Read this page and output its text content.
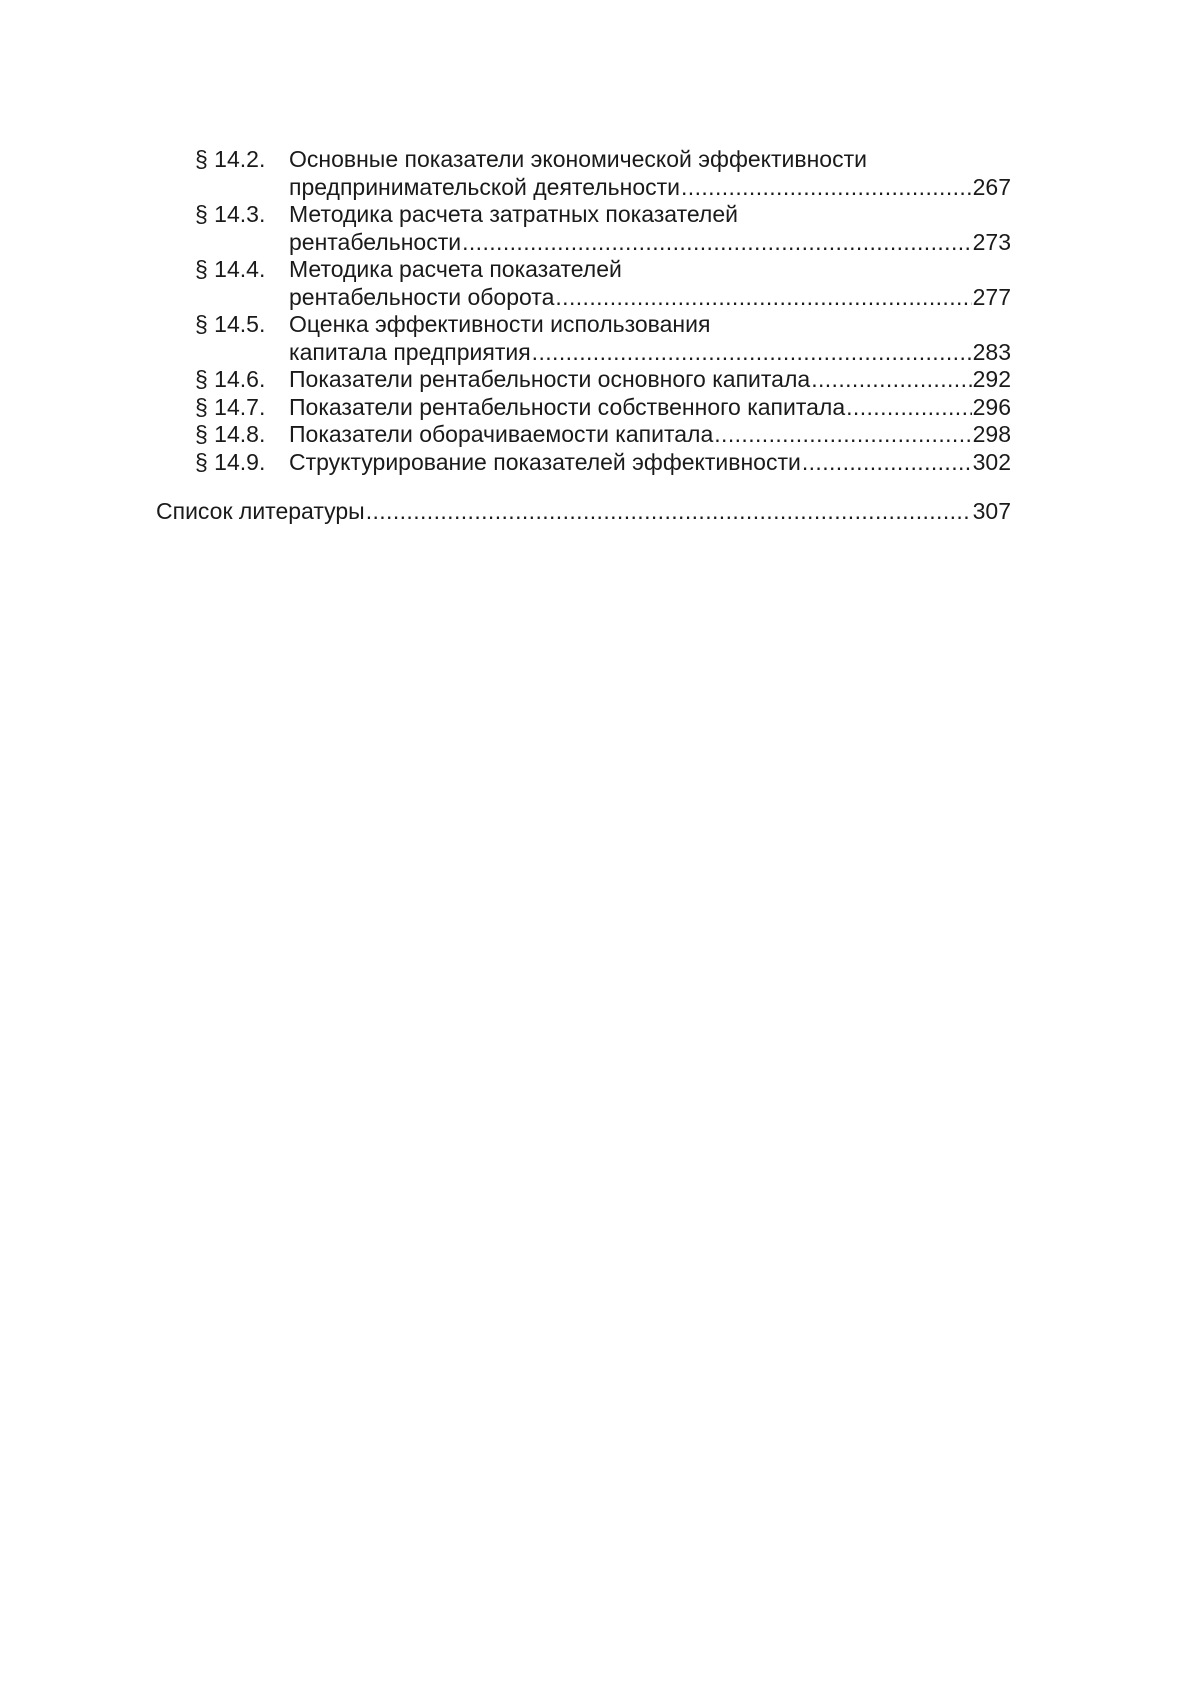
§ 14.2. Основные показатели экономической эффективности
предпринимательской деятельности .....	267
§ 14.3. Методика расчета затратных показателей
рентабельности .....	273
§ 14.4. Методика расчета показателей
рентабельности оборота .....	277
§ 14.5. Оценка эффективности использования
капитала предприятия .....	283
§ 14.6. Показатели рентабельности основного капитала .....	292
§ 14.7. Показатели рентабельности собственного капитала .....	296
§ 14.8. Показатели оборачиваемости капитала .....	298
§ 14.9. Структурирование показателей эффективности .....	302
Список литературы .....	307
